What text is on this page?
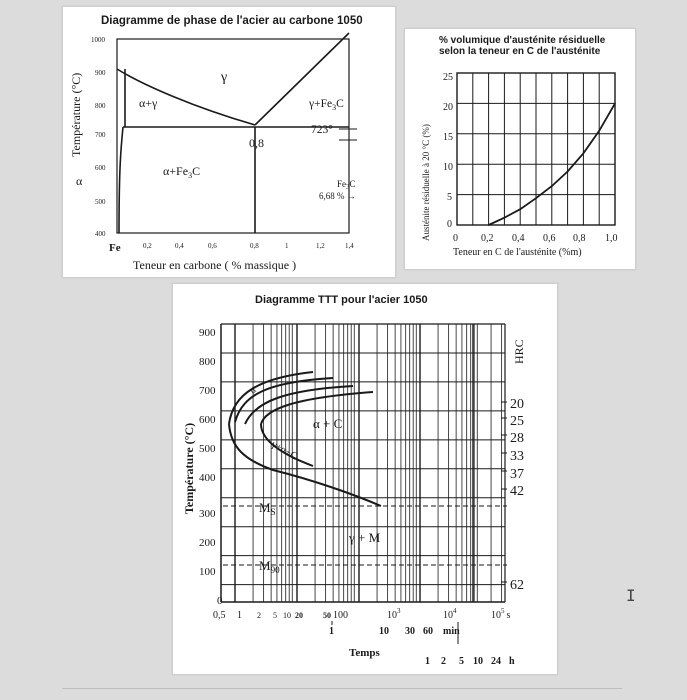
Diagramme de phase de l'acier au carbone 1050
1000
900
800
700
600
500
400
Température (°C)
α
Fe	0,2	0,4	0,6	0,8	1	1,2	1,4
Teneur en carbone ( % massique )
γ
α+γ	$\gamma+Fe_3C$
723°
0,8
$\alpha+Fe_3C$
$Fe_3C$
6,68 % →
% volumique d'austénite résiduelle
selon la teneur en C de l'austénite
Austénite résiduelle à 20 °C (%)
25
20
15
10
5
0
0 0,2 0,4 0,6 0,8 1,0
Teneur en C de l'austénite (%m)
Diagramme TTT pour l'acier 1050
900
800
700
600
500
400
300
200
100
0
Température (°C)
HRC
20
25
28
33
37
42
62
α
α + C
γ+α+C
$M_S$
γ + M
$M_{90}$
0,5 1 2 5 10 20	50 100	$10^3$	$10^4$	$10^5$ s
1	10 30 60 min
Temps
1 2 5 10 24 h
I
